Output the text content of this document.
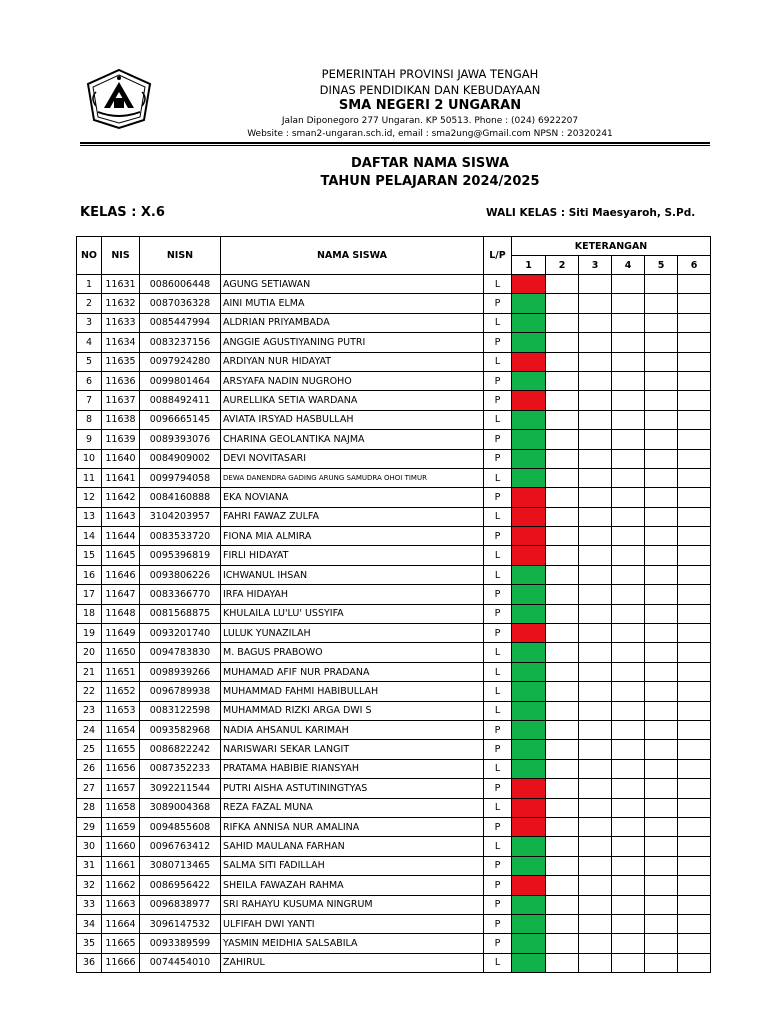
PEMERINTAH PROVINSI JAWA TENGAH
DINAS PENDIDIKAN DAN KEBUDAYAAN
SMA NEGERI 2 UNGARAN
Jalan Diponegoro 277 Ungaran. KP 50513. Phone : (024) 6922207
Website : sman2-ungaran.sch.id, email : sma2ung@Gmail.com NPSN : 20320241
DAFTAR NAMA SISWA
TAHUN PELAJARAN 2024/2025
KELAS : X.6	WALI KELAS : Siti Maesyaroh, S.Pd.
NO	NIS	NISN	NAMA SISWA	L/P	KETERANGAN					
					1	2	3	4	5	6
1	11631	0086006448	AGUNG SETIAWAN	L						
2	11632	0087036328	AINI MUTIA ELMA	P						
3	11633	0085447994	ALDRIAN PRIYAMBADA	L						
4	11634	0083237156	ANGGIE AGUSTIYANING PUTRI	P						
5	11635	0097924280	ARDIYAN NUR HIDAYAT	L						
6	11636	0099801464	ARSYAFA NADIN NUGROHO	P						
7	11637	0088492411	AURELLIKA SETIA WARDANA	P						
8	11638	0096665145	AVIATA IRSYAD HASBULLAH	L						
9	11639	0089393076	CHARINA GEOLANTIKA NAJMA	P						
10	11640	0084909002	DEVI NOVITASARI	P						
11	11641	0099794058	DEWA DANENDRA GADING ARUNG SAMUDRA OHOI TIMUR	L						
12	11642	0084160888	EKA NOVIANA	P						
13	11643	3104203957	FAHRI FAWAZ ZULFA	L						
14	11644	0083533720	FIONA MIA ALMIRA	P						
15	11645	0095396819	FIRLI HIDAYAT	L						
16	11646	0093806226	ICHWANUL IHSAN	L						
17	11647	0083366770	IRFA HIDAYAH	P						
18	11648	0081568875	KHULAILA LU'LU' USSYIFA	P						
19	11649	0093201740	LULUK YUNAZILAH	P						
20	11650	0094783830	M. BAGUS PRABOWO	L						
21	11651	0098939266	MUHAMAD AFIF NUR PRADANA	L						
22	11652	0096789938	MUHAMMAD FAHMI HABIBULLAH	L						
23	11653	0083122598	MUHAMMAD RIZKI ARGA DWI S	L						
24	11654	0093582968	NADIA AHSANUL KARIMAH	P						
25	11655	0086822242	NARISWARI SEKAR LANGIT	P						
26	11656	0087352233	PRATAMA HABIBIE RIANSYAH	L						
27	11657	3092211544	PUTRI AISHA ASTUTININGTYAS	P						
28	11658	3089004368	REZA FAZAL MUNA	L						
29	11659	0094855608	RIFKA ANNISA NUR AMALINA	P						
30	11660	0096763412	SAHID MAULANA FARHAN	L						
31	11661	3080713465	SALMA SITI FADILLAH	P						
32	11662	0086956422	SHEILA FAWAZAH RAHMA	P						
33	11663	0096838977	SRI RAHAYU KUSUMA NINGRUM	P						
34	11664	3096147532	ULFIFAH DWI YANTI	P						
35	11665	0093389599	YASMIN MEIDHIA SALSABILA	P						
36	11666	0074454010	ZAHIRUL	L						
